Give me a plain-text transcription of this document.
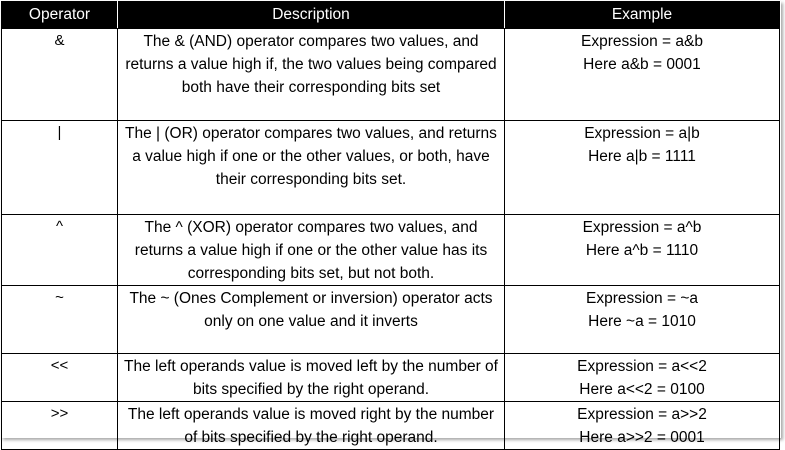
Operator	Description	Example
&	The & (AND) operator compares two values, and returns a value high if, the two values being compared both have their corresponding bits set	Expression = a&b
Here a&b = 0001

|	The | (OR) operator compares two values, and returns a value high if one or the other values, or both, have their corresponding bits set.	Expression = a|b
Here a|b = 1111

^	The ^ (XOR) operator compares two values, and returns a value high if one or the other value has its corresponding bits set, but not both.	Expression = a^b
Here a^b = 1110

~	The ~ (Ones Complement or inversion) operator acts only on one value and it inverts	Expression = ~a
Here ~a = 1010

<<	The left operands value is moved left by the number of bits specified by the right operand.	Expression = a<<2
Here a<<2 = 0100

>>	The left operands value is moved right by the number of bits specified by the right operand.	Expression = a>>2
Here a>>2 = 0001
